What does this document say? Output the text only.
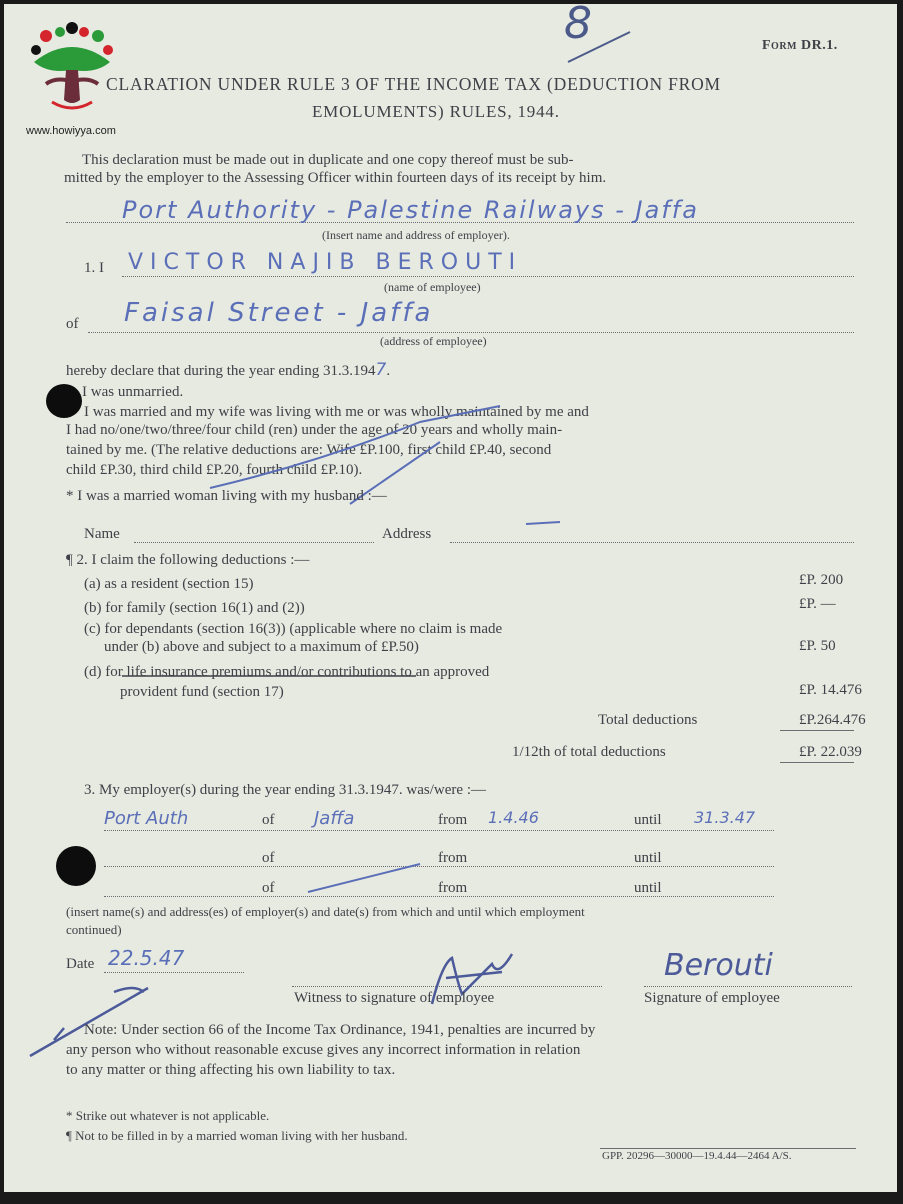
www.howiyya.com
8	Form DR.1.
CLARATION UNDER RULE 3 OF THE INCOME TAX (DEDUCTION FROM
EMOLUMENTS) RULES, 1944.
This declaration must be made out in duplicate and one copy thereof must be sub-
mitted by the employer to the Assessing Officer within fourteen days of its receipt by him.
Port Authority - Palestine Railways - Jaffa
(Insert name and address of employer).
1. I VICTOR NAJIB BEROUTI
(name of employee)
of Faisal Street - Jaffa
(address of employee)
hereby declare that during the year ending 31.3.1947.
I was unmarried.
I was married and my wife was living with me or was wholly maintained by me and
I had no/one/two/three/four child (ren) under the age of 20 years and wholly main-
tained by me. (The relative deductions are: Wife £P.100, first child £P.40, second
child £P.30, third child £P.20, fourth child £P.10).
* I was a married woman living with my husband :—
Name	Address
¶ 2. I claim the following deductions :—
(a) as a resident (section 15)	£P. 200
(b) for family (section 16(1) and (2))	£P. —
(c) for dependants (section 16(3)) (applicable where no claim is made
under (b) above and subject to a maximum of £P.50)	£P. 50
(d) for life insurance premiums and/or contributions to an approved
provident fund (section 17)	£P. 14.476
Total deductions	£P.264.476
1/12th of total deductions	£P. 22.039
3. My employer(s) during the year ending 31.3.1947. was/were :—
Port Auth	of Jaffa	from 1.4.46	until 31.3.47
of	from	until
of	from	until
(insert name(s) and address(es) of employer(s) and date(s) from which and until which employment
continued)
Date 22.5.47
Witness to signature of employee
Berouti
Signature of employee
Note: Under section 66 of the Income Tax Ordinance, 1941, penalties are incurred by
any person who without reasonable excuse gives any incorrect information in relation
to any matter or thing affecting his own liability to tax.
* Strike out whatever is not applicable.
¶ Not to be filled in by a married woman living with her husband.
GPP. 20296—30000—19.4.44—2464 A/S.
